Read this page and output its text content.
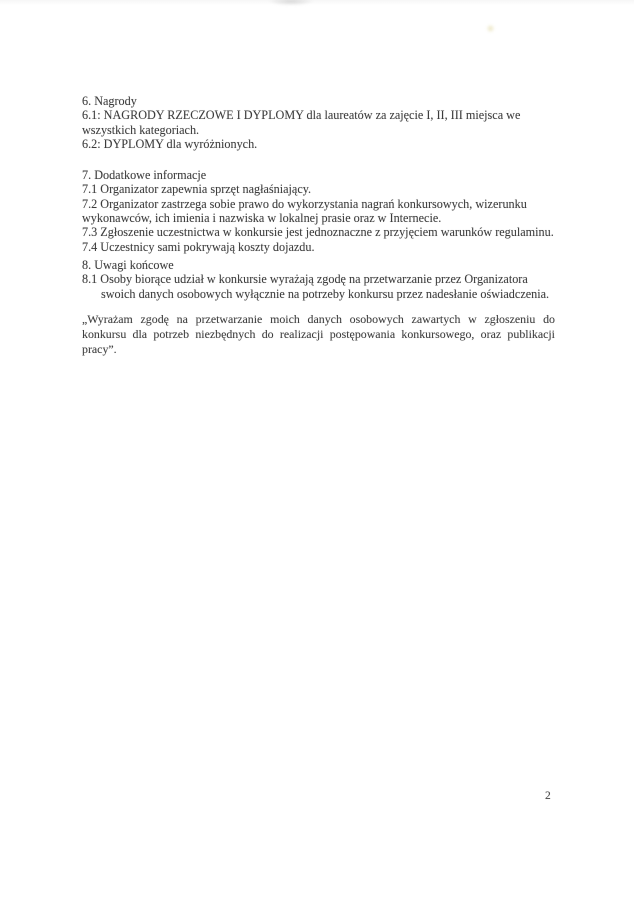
6. Nagrody
6.1: NAGRODY RZECZOWE I DYPLOMY dla laureatów za zajęcie I, II, III miejsca we
wszystkich kategoriach.
6.2: DYPLOMY dla wyróżnionych.
7. Dodatkowe informacje
7.1 Organizator zapewnia sprzęt nagłaśniający.
7.2 Organizator zastrzega sobie prawo do wykorzystania nagrań konkursowych, wizerunku
wykonawców, ich imienia i nazwiska w lokalnej prasie oraz w Internecie.
7.3 Zgłoszenie uczestnictwa w konkursie jest jednoznaczne z przyjęciem warunków regulaminu.
7.4 Uczestnicy sami pokrywają koszty dojazdu.
8. Uwagi końcowe
8.1 Osoby biorące udział w konkursie wyrażają zgodę na przetwarzanie przez Organizatora
swoich danych osobowych wyłącznie na potrzeby konkursu przez nadesłanie oświadczenia.
„Wyrażam zgodę na przetwarzanie moich danych osobowych zawartych w zgłoszeniu do
konkursu dla potrzeb niezbędnych do realizacji postępowania konkursowego, oraz publikacji
pracy”.
2
